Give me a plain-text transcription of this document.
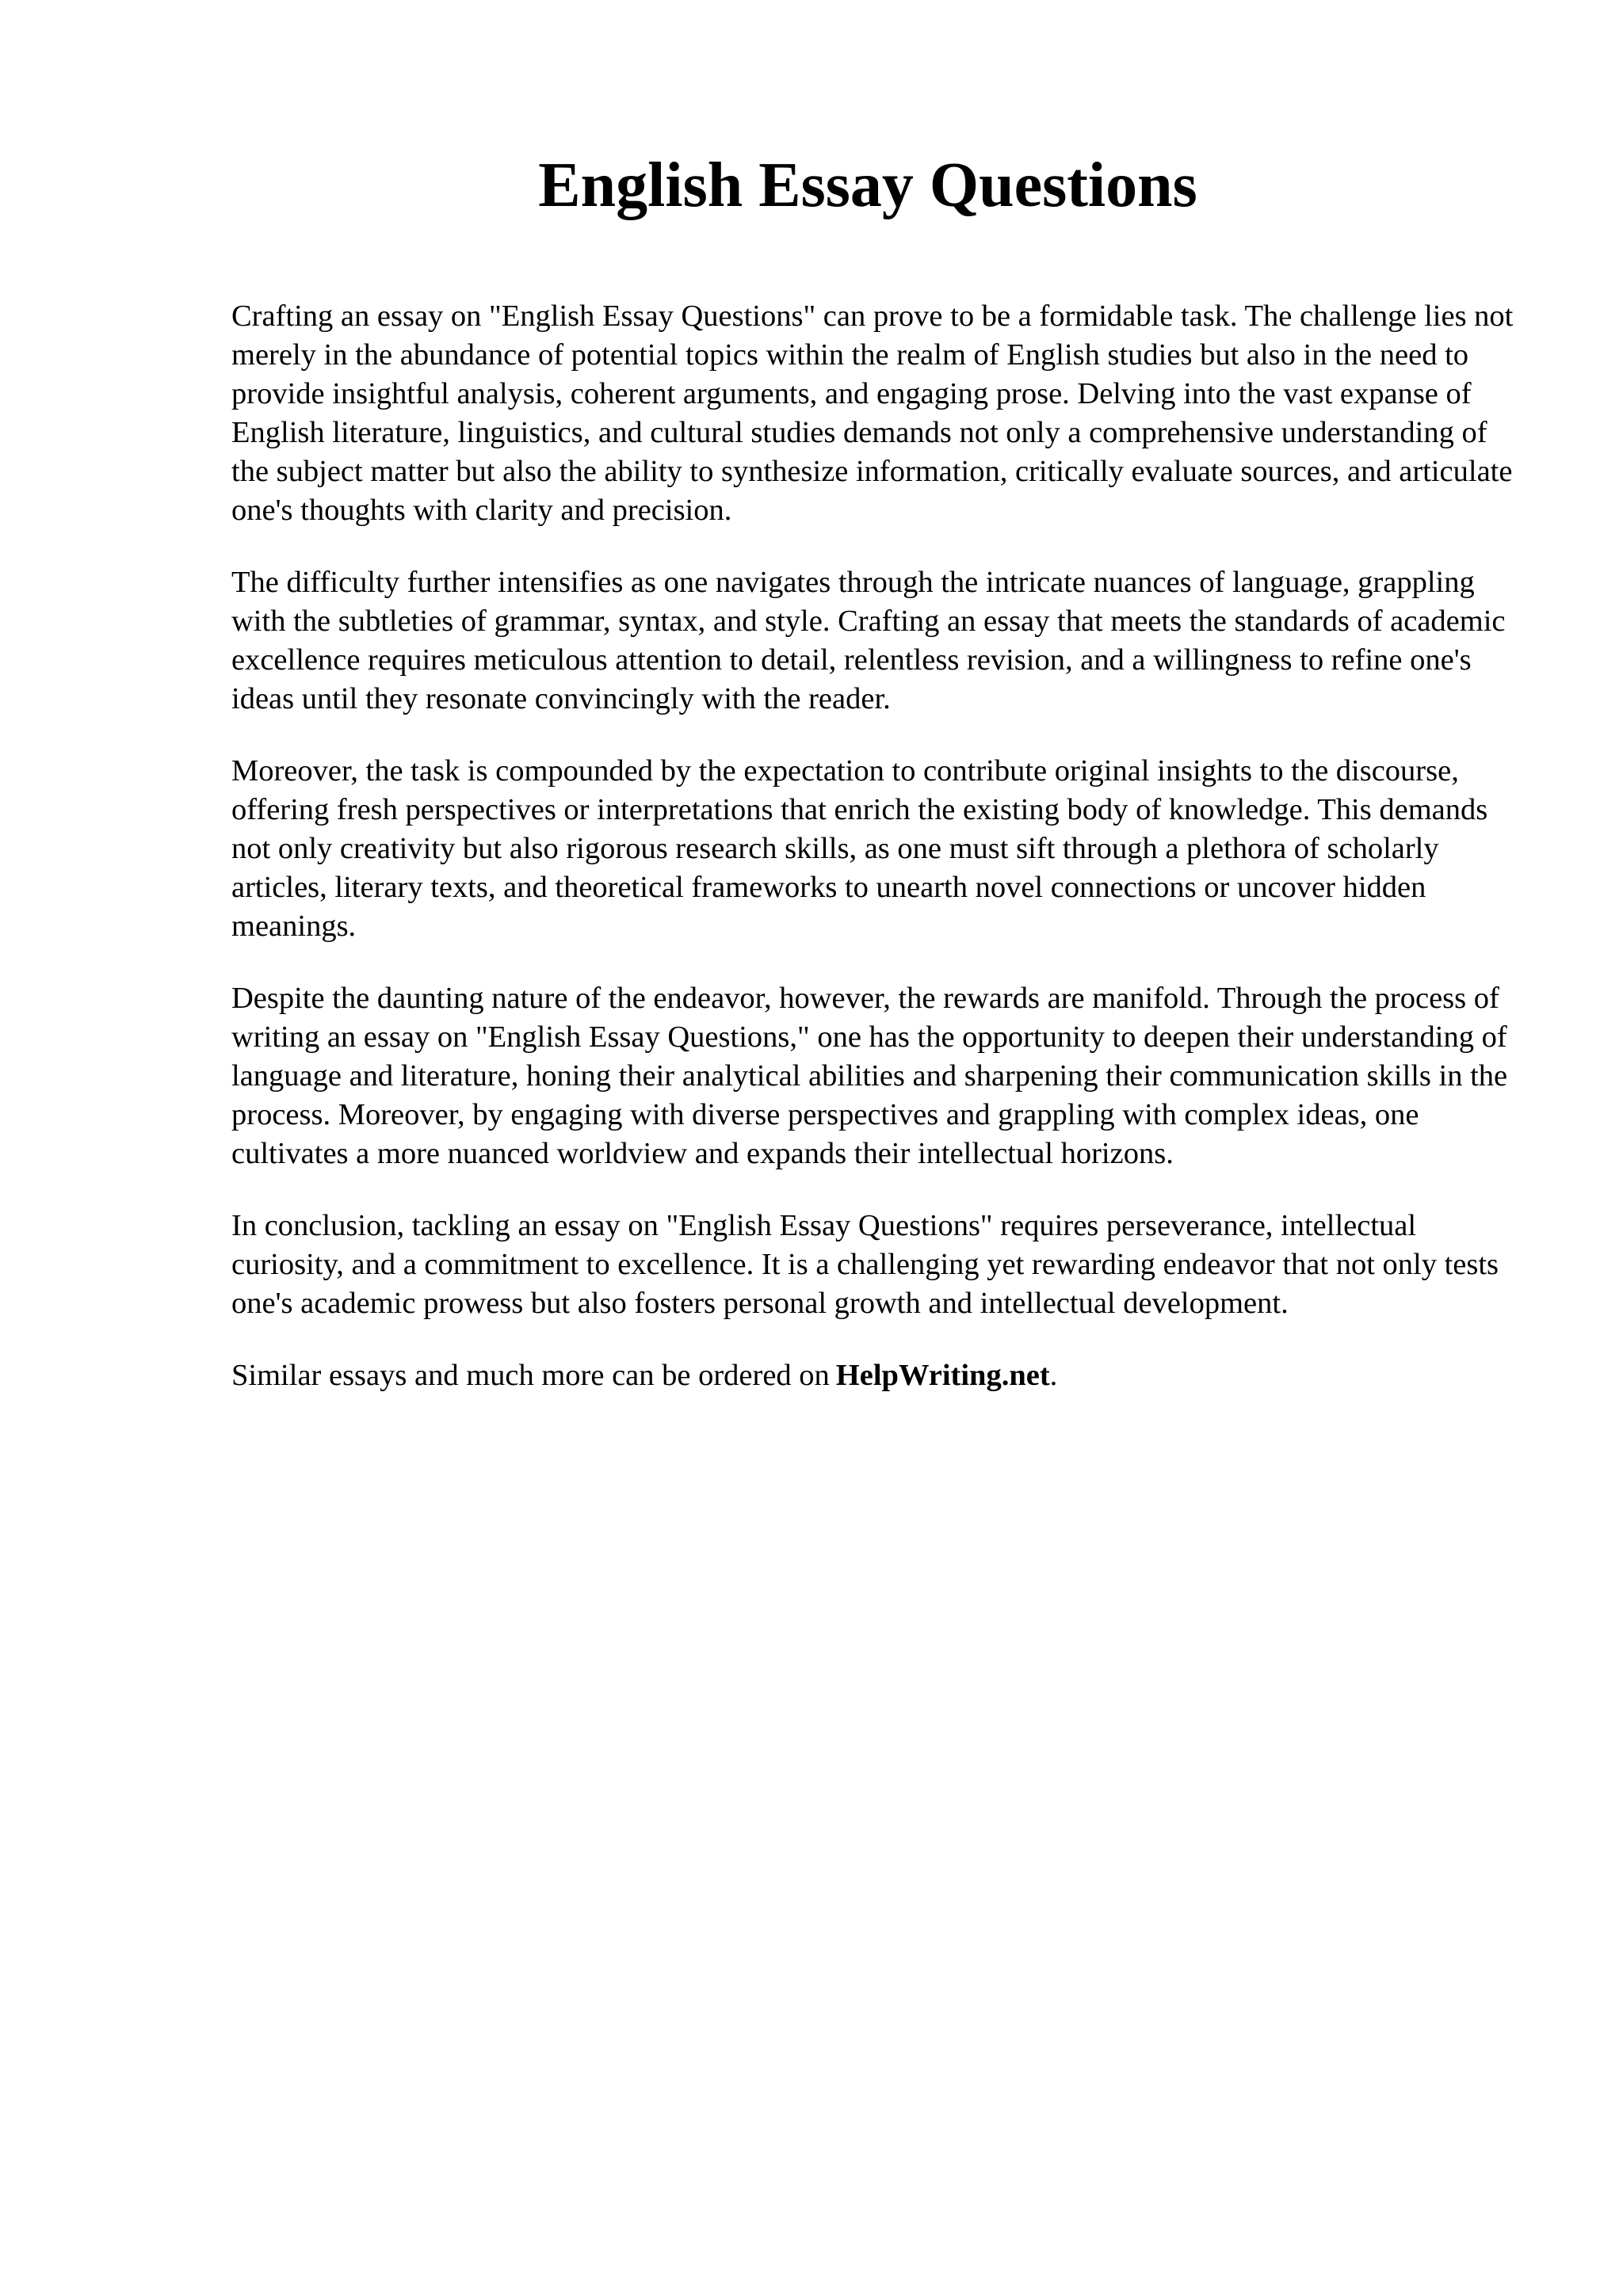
English Essay Questions

Crafting an essay on "English Essay Questions" can prove to be a formidable task. The challenge lies not merely in the abundance of potential topics within the realm of English studies but also in the need to provide insightful analysis, coherent arguments, and engaging prose. Delving into the vast expanse of English literature, linguistics, and cultural studies demands not only a comprehensive understanding of the subject matter but also the ability to synthesize information, critically evaluate sources, and articulate one's thoughts with clarity and precision.

The difficulty further intensifies as one navigates through the intricate nuances of language, grappling with the subtleties of grammar, syntax, and style. Crafting an essay that meets the standards of academic excellence requires meticulous attention to detail, relentless revision, and a willingness to refine one's ideas until they resonate convincingly with the reader.

Moreover, the task is compounded by the expectation to contribute original insights to the discourse, offering fresh perspectives or interpretations that enrich the existing body of knowledge. This demands not only creativity but also rigorous research skills, as one must sift through a plethora of scholarly articles, literary texts, and theoretical frameworks to unearth novel connections or uncover hidden meanings.

Despite the daunting nature of the endeavor, however, the rewards are manifold. Through the process of writing an essay on "English Essay Questions," one has the opportunity to deepen their understanding of language and literature, honing their analytical abilities and sharpening their communication skills in the process. Moreover, by engaging with diverse perspectives and grappling with complex ideas, one cultivates a more nuanced worldview and expands their intellectual horizons.

In conclusion, tackling an essay on "English Essay Questions" requires perseverance, intellectual curiosity, and a commitment to excellence. It is a challenging yet rewarding endeavor that not only tests one's academic prowess but also fosters personal growth and intellectual development.

Similar essays and much more can be ordered on HelpWriting.net.
